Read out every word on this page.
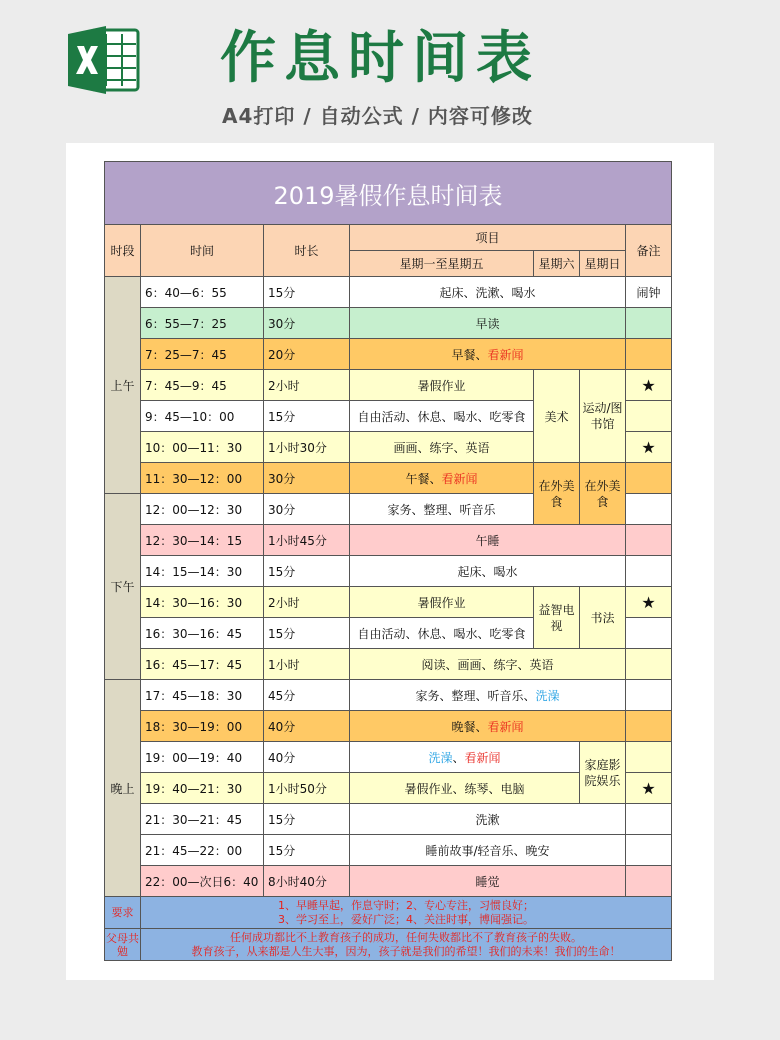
作息时间表
A4打印 / 自动公式 / 内容可修改
2019暑假作息时间表						
时段	时间	时长	项目			备注
			星期一至星期五	星期六	星期日	
上午	6：40—6：55	15分	起床、洗漱、喝水			闹钟
	6：55—7：25	30分	早读			
	7：25—7：45	20分	早餐、看新闻			
	7：45—9：45	2小时	暑假作业	美术	运动/图书馆	★
	9：45—10：00	15分	自由活动、休息、喝水、吃零食			
	10：00—11：30	1小时30分	画画、练字、英语			★
	11：30—12：00	30分	午餐、看新闻	在外美食	在外美食	
下午	12：00—12：30	30分	家务、整理、听音乐			
	12：30—14：15	1小时45分	午睡			
	14：15—14：30	15分	起床、喝水			
	14：30—16：30	2小时	暑假作业	益智电视	书法	★
	16：30—16：45	15分	自由活动、休息、喝水、吃零食			
	16：45—17：45	1小时	阅读、画画、练字、英语			
晚上	17：45—18：30	45分	家务、整理、听音乐、洗澡			
	18：30—19：00	40分	晚餐、看新闻			
	19：00—19：40	40分	洗澡、看新闻		家庭影院娱乐	
	19：40—21：30	1小时50分	暑假作业、练琴、电脑			★
	21：30—21：45	15分	洗漱			
	21：45—22：00	15分	睡前故事/轻音乐、晚安			
	22：00—次日6：40	8小时40分	睡觉			
要求	1、早睡早起，作息守时；2、专心专注，习惯良好；
3、学习至上，爱好广泛；4、关注时事，博闻强记。					

父母共勉	任何成功都比不上教育孩子的成功，任何失败都比不了教育孩子的失败。
教育孩子，从来都是人生大事，因为，孩子就是我们的希望！我们的未来！我们的生命！					
